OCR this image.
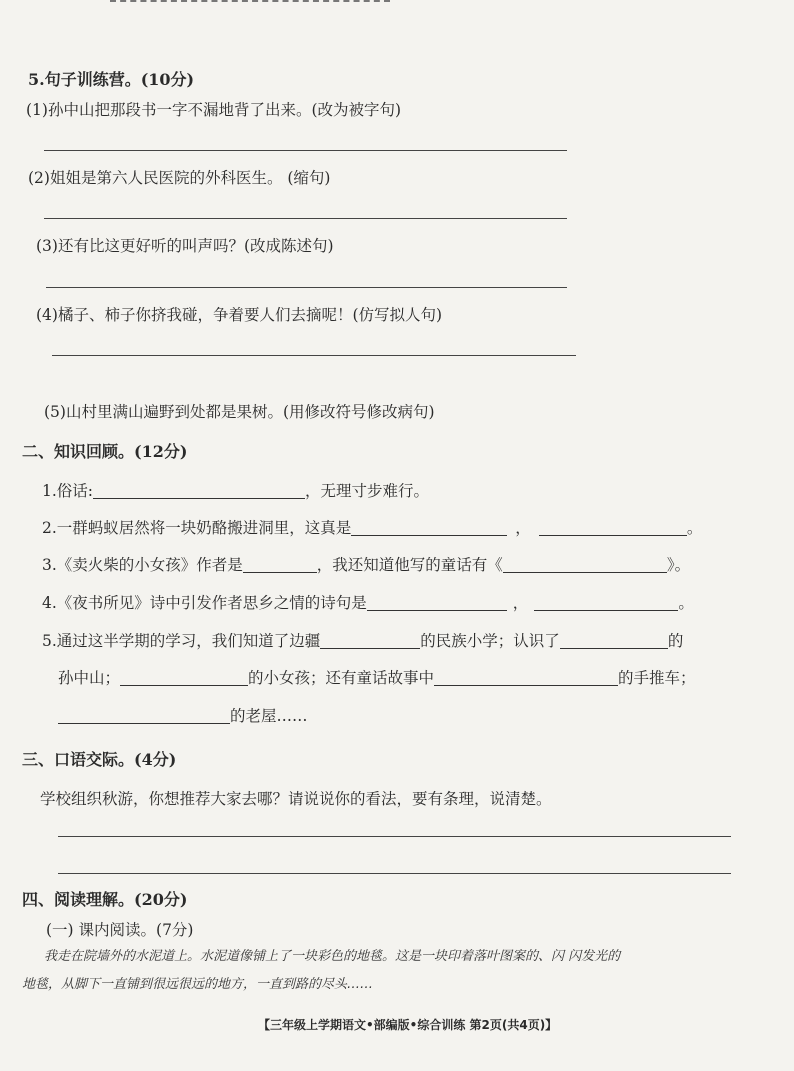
5.句子训练营。(10分)
(1)孙中山把那段书一字不漏地背了出来。(改为被字句)
(2)姐姐是第六人民医院的外科医生。 (缩句)
(3)还有比这更好听的叫声吗？(改成陈述句)
(4)橘子、柿子你挤我碰，争着要人们去摘呢！(仿写拟人句)
(5)山村里满山遍野到处都是果树。(用修改符号修改病句)
二、知识回顾。(12分)
1.俗话:	，无理寸步难行。
2.一群蚂蚁居然将一块奶酪搬进洞里，这真是	，	。
3.《卖火柴的小女孩》作者是	，我还知道他写的童话有《	》。
4.《夜书所见》诗中引发作者思乡之情的诗句是	，	。
5.通过这半学期的学习，我们知道了边疆	的民族小学；认识了	的
孙中山；	的小女孩；还有童话故事中	的手推车；
的老屋……
三、口语交际。(4分)
学校组织秋游，你想推荐大家去哪？请说说你的看法，要有条理，说清楚。
四、阅读理解。(20分)
(一) 课内阅读。(7分)
我走在院墙外的水泥道上。水泥道像铺上了一块彩色的地毯。这是一块印着落叶图案的、闪 闪发光的
地毯，从脚下一直铺到很远很远的地方，一直到路的尽头……
【三年级上学期语文•部编版•综合训练 第2页(共4页)】
